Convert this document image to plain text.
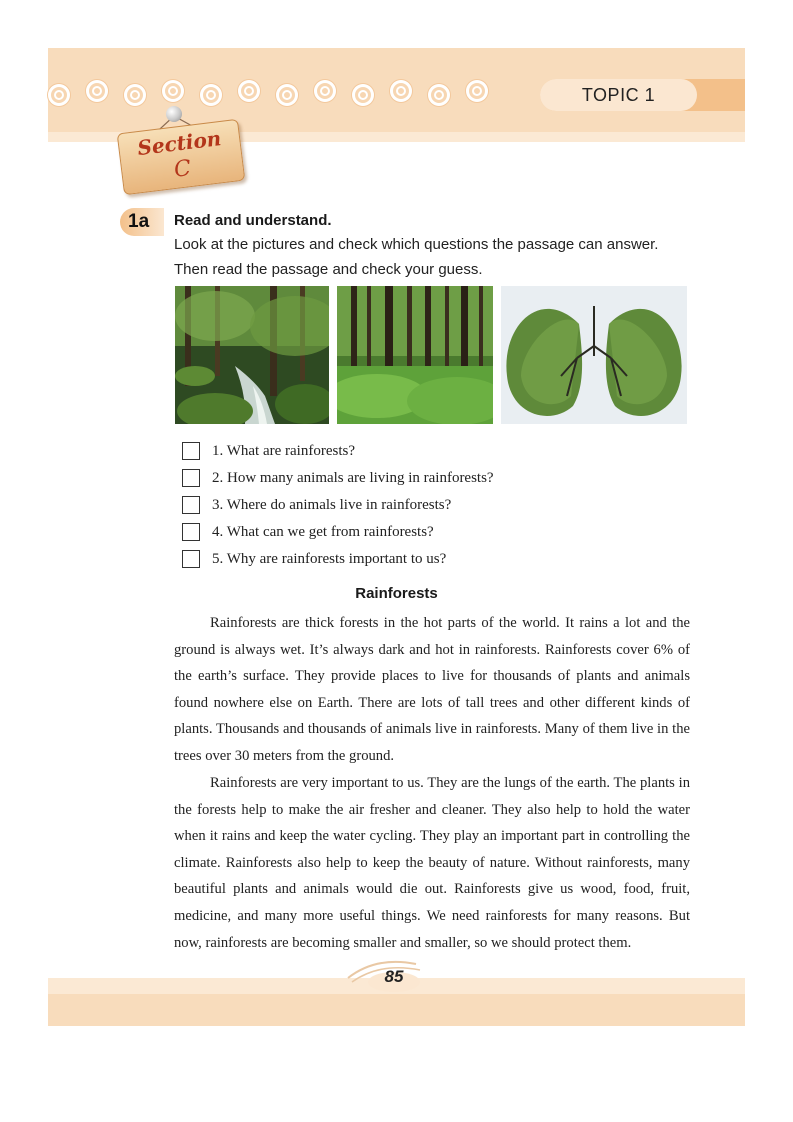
TOPIC 1
Section
C
1a	Read and understand.
Look at the pictures and check which questions the passage can answer.
Then read the passage and check your guess.
1. What are rainforests?
2. How many animals are living in rainforests?
3. Where do animals live in rainforests?
4. What can we get from rainforests?
5. Why are rainforests important to us?
Rainforests

Rainforests are thick forests in the hot parts of the world. It rains a lot and the ground is always wet. It’s always dark and hot in rainforests. Rainforests cover 6% of the earth’s surface. They provide places to live for thousands of plants and animals found nowhere else on Earth. There are lots of tall trees and other different kinds of plants. Thousands and thousands of animals live in rainforests. Many of them live in the trees over 30 meters from the ground.

Rainforests are very important to us. They are the lungs of the earth. The plants in the forests help to make the air fresher and cleaner. They also help to hold the water when it rains and keep the water cycling. They play an important part in controlling the climate. Rainforests also help to keep the beauty of nature. Without rainforests, many beautiful plants and animals would die out. Rainforests give us wood, food, fruit, medicine, and many more useful things. We need rainforests for many reasons. But now, rainforests are becoming smaller and smaller, so we should protect them.

85
